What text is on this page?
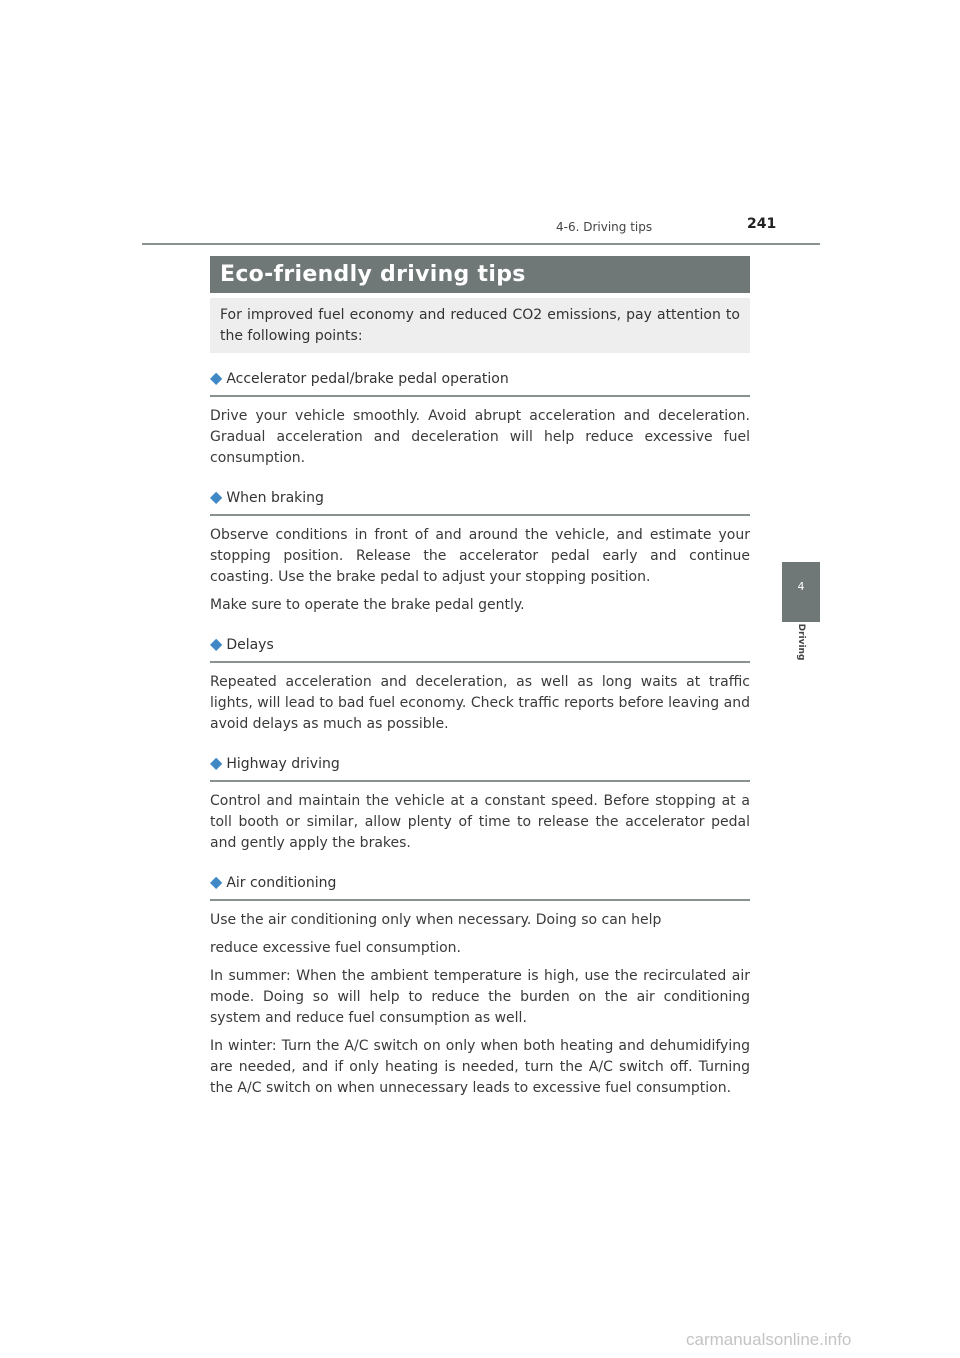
4-6. Driving tips	241
4
Driving
Eco-friendly driving tips
For improved fuel economy and reduced CO2 emissions, pay attention to the following points:
◆ Accelerator pedal/brake pedal operation

Drive your vehicle smoothly. Avoid abrupt acceleration and deceleration. Gradual acceleration and deceleration will help reduce excessive fuel consumption.

◆ When braking

Observe conditions in front of and around the vehicle, and estimate your stopping position. Release the accelerator pedal early and continue coasting. Use the brake pedal to adjust your stopping position.

Make sure to operate the brake pedal gently.

◆ Delays

Repeated acceleration and deceleration, as well as long waits at traffic lights, will lead to bad fuel economy. Check traffic reports before leaving and avoid delays as much as possible.

◆ Highway driving

Control and maintain the vehicle at a constant speed. Before stopping at a toll booth or similar, allow plenty of time to release the accelerator pedal and gently apply the brakes.

◆ Air conditioning

Use the air conditioning only when necessary. Doing so can help

reduce excessive fuel consumption.

In summer: When the ambient temperature is high, use the recirculated air mode. Doing so will help to reduce the burden on the air conditioning system and reduce fuel consumption as well.

In winter: Turn the A/C switch on only when both heating and dehumidifying are needed, and if only heating is needed, turn the A/C switch off. Turning the A/C switch on when unnecessary leads to excessive fuel consumption.

carmanualsonline.info
